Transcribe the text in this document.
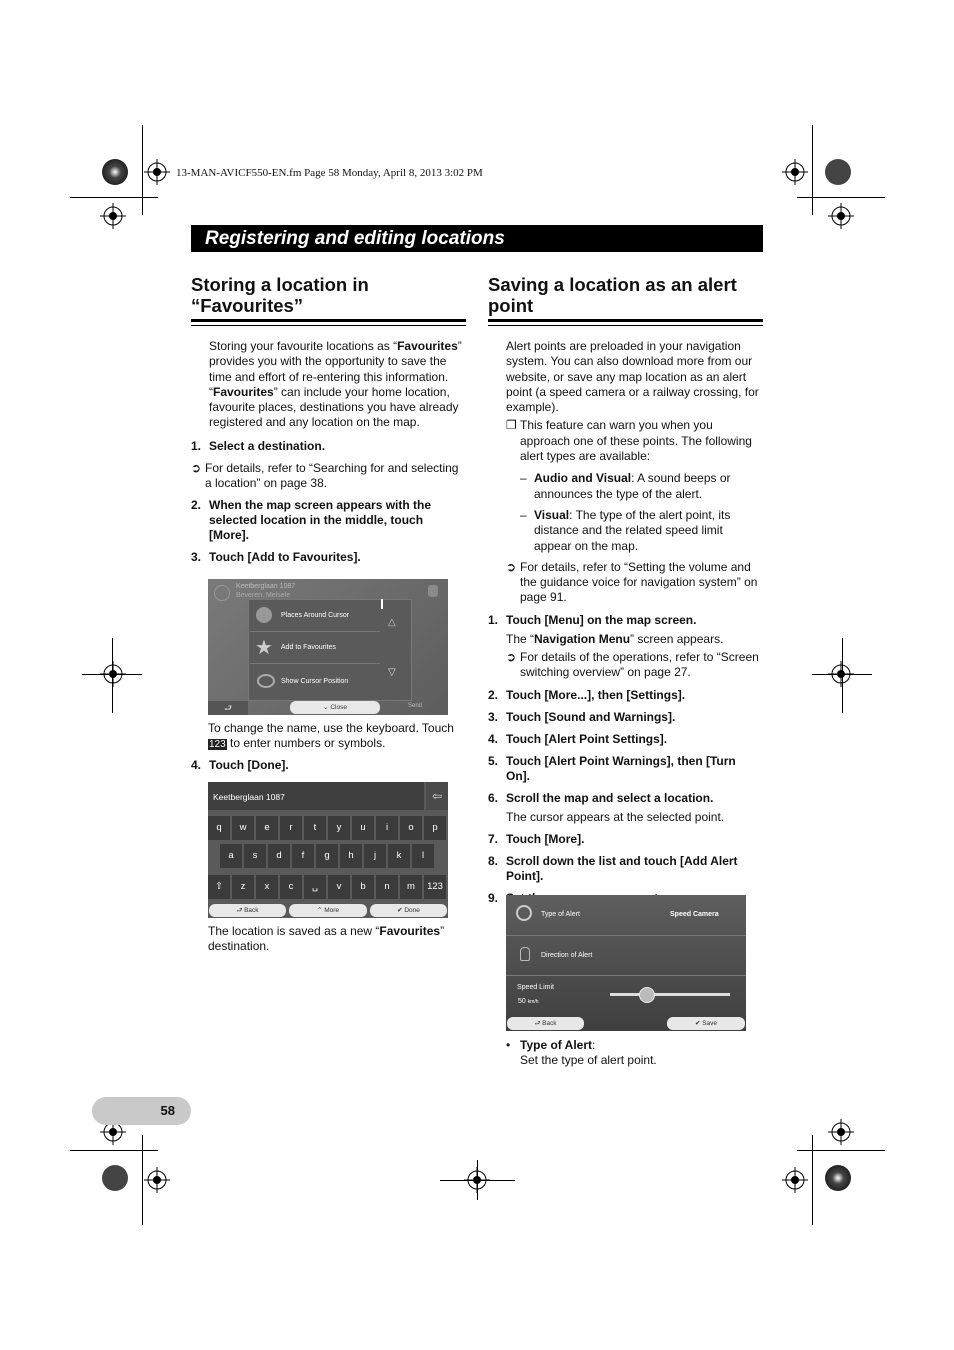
13-MAN-AVICF550-EN.fm Page 58 Monday, April 8, 2013 3:02 PM
Registering and editing locations
Storing a location in
“Favourites”

Storing your favourite locations as “Favourites” provides you with the opportunity to save the time and effort of re-entering this information. “Favourites” can include your home location, favourite places, destinations you have already registered and any location on the map.

1. Select a destination.
➲ For details, refer to “Searching for and selecting a location” on page 38.
2. When the map screen appears with the selected location in the middle, touch [More].
3. Touch [Add to Favourites].
Keetberglaan 1087
Beveren, Melsele
Places Around Cursor
★ Add to Favourites
Show Cursor Position
△
▽
⮐	⌄ Close	Send
To change the name, use the keyboard. Touch 123 to enter numbers or symbols.
4. Touch [Done].
Keetberglaan 1087	⇦
q	w	e	r	t	y	u	i	o	p
a	s	d	f	g	h	j	k	l
z	x	c	␣	v	b	n	m	123
⇧
⮐ Back	⌃ More	✔ Done
The location is saved as a new “Favourites” destination.
Saving a location as an alert
point

Alert points are preloaded in your navigation system. You can also download more from our website, or save any map location as an alert point (a speed camera or a railway crossing, for example).

❐ This feature can warn you when you approach one of these points. The following alert types are available:
– Audio and Visual: A sound beeps or announces the type of the alert.
– Visual: The type of the alert point, its distance and the related speed limit appear on the map.
➲ For details, refer to “Setting the volume and the guidance voice for navigation system” on page 91.
1. Touch [Menu] on the map screen.
The “Navigation Menu” screen appears.
➲ For details of the operations, refer to “Screen switching overview” on page 27.
2. Touch [More...], then [Settings].
3. Touch [Sound and Warnings].
4. Touch [Alert Point Settings].
5. Touch [Alert Point Warnings], then [Turn On].
6. Scroll the map and select a location.
The cursor appears at the selected point.
7. Touch [More].
8. Scroll down the list and touch [Add Alert Point].
9.
Type of Alert	Speed Camera
Direction of Alert
Speed Limit
50 km/h
⮐ Back	✔ Save
• Type of Alert:
Set the type of alert point.
58
